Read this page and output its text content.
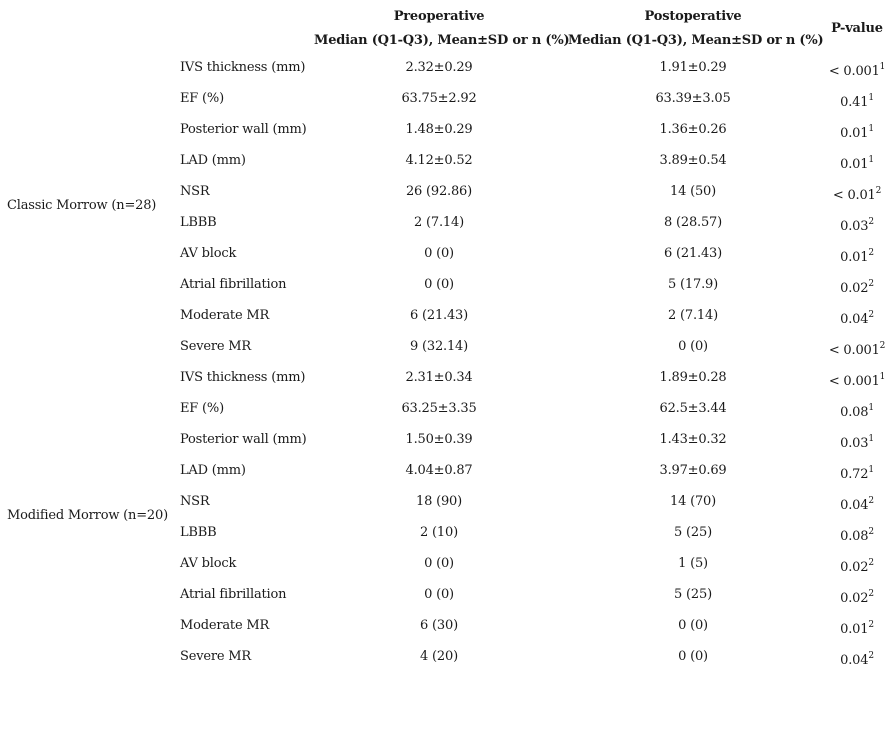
Preoperative
Median (Q1-Q3), Mean±SD or n (%)
Postoperative
Median (Q1-Q3), Mean±SD or n (%)
P-value
IVS thickness (mm)	2.32±0.29	1.91±0.29	< $0.001^1$
EF (%)	63.75±2.92	63.39±3.05	0.41$^1$
Posterior wall (mm)	1.48±0.29	1.36±0.26	0.01$^1$
LAD (mm)	4.12±0.52	3.89±0.54	0.01$^1$
NSR	26 (92.86)	14 (50)	< $0.01^2$
LBBB	2 (7.14)	8 (28.57)	0.03$^2$
AV block	0 (0)	6 (21.43)	0.01$^2$
Atrial fibrillation	0 (0)	5 (17.9)	0.02$^2$
Moderate MR	6 (21.43)	2 (7.14)	0.04$^2$
Severe MR	9 (32.14)	0 (0)	< $0.001^2$
Classic Morrow (n=28)
IVS thickness (mm)	2.31±0.34	1.89±0.28	< $0.001^1$
EF (%)	63.25±3.35	62.5±3.44	0.08$^1$
Posterior wall (mm)	1.50±0.39	1.43±0.32	0.03$^1$
LAD (mm)	4.04±0.87	3.97±0.69	0.72$^1$
NSR	18 (90)	14 (70)	0.04$^2$
LBBB	2 (10)	5 (25)	0.08$^2$
AV block	0 (0)	1 (5)	0.02$^2$
Atrial fibrillation	0 (0)	5 (25)	0.02$^2$
Moderate MR	6 (30)	0 (0)	0.01$^2$
Severe MR	4 (20)	0 (0)	0.04$^2$
Modified Morrow (n=20)
